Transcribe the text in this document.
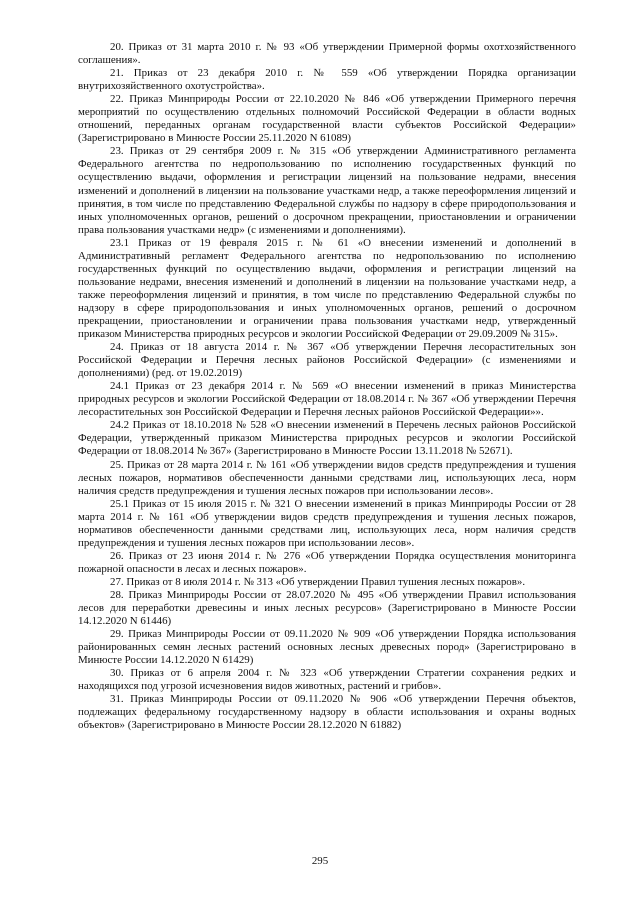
20. Приказ от 31 марта 2010 г. № 93 «Об утверждении Примерной формы охотхозяйственного соглашения».

21. Приказ от 23 декабря 2010 г. № 559 «Об утверждении Порядка организации внутрихозяйственного охотустройства».

22. Приказ Минприроды России от 22.10.2020 № 846 «Об утверждении Примерного перечня мероприятий по осуществлению отдельных полномочий Российской Федерации в области водных отношений, переданных органам государственной власти субъектов Российской Федерации» (Зарегистрировано в Минюсте России 25.11.2020 N 61089)

23. Приказ от 29 сентября 2009 г. № 315 «Об утверждении Административного регламента Федерального агентства по недропользованию по исполнению государственных функций по осуществлению выдачи, оформления и регистрации лицензий на пользование недрами, внесения изменений и дополнений в лицензии на пользование участками недр, а также переоформления лицензий и принятия, в том числе по представлению Федеральной службы по надзору в сфере природопользования и иных уполномоченных органов, решений о досрочном прекращении, приостановлении и ограничении права пользования участками недр» (с изменениями и дополнениями).

23.1 Приказ от 19 февраля 2015 г. № 61 «О внесении изменений и дополнений в Административный регламент Федерального агентства по недропользованию по исполнению государственных функций по осуществлению выдачи, оформления и регистрации лицензий на пользование недрами, внесения изменений и дополнений в лицензии на пользование участками недр, а также переоформления лицензий и принятия, в том числе по представлению Федеральной службы по надзору в сфере природопользования и иных уполномоченных органов, решений о досрочном прекращении, приостановлении и ограничении права пользования участками недр, утвержденный приказом Министерства природных ресурсов и экологии Российской Федерации от 29.09.2009 № 315».

24. Приказ от 18 августа 2014 г. № 367 «Об утверждении Перечня лесорастительных зон Российской Федерации и Перечня лесных районов Российской Федерации» (с изменениями и дополнениями) (ред. от 19.02.2019)

24.1 Приказ от 23 декабря 2014 г. № 569 «О внесении изменений в приказ Министерства природных ресурсов и экологии Российской Федерации от 18.08.2014 г. № 367 «Об утверждении Перечня лесорастительных зон Российской Федерации и Перечня лесных районов Российской Федерации»».

24.2 Приказ от 18.10.2018 № 528 «О внесении изменений в Перечень лесных районов Российской Федерации, утвержденный приказом Министерства природных ресурсов и экологии Российской Федерации от 18.08.2014 № 367» (Зарегистрировано в Минюсте России 13.11.2018 № 52671).

25. Приказ от 28 марта 2014 г. № 161 «Об утверждении видов средств предупреждения и тушения лесных пожаров, нормативов обеспеченности данными средствами лиц, использующих леса, норм наличия средств предупреждения и тушения лесных пожаров при использовании лесов».

25.1 Приказ от 15 июля 2015 г. № 321 О внесении изменений в приказ Минприроды России от 28 марта 2014 г. № 161 «Об утверждении видов средств предупреждения и тушения лесных пожаров, нормативов обеспеченности данными средствами лиц, использующих леса, норм наличия средств предупреждения и тушения лесных пожаров при использовании лесов».

26. Приказ от 23 июня 2014 г. № 276 «Об утверждении Порядка осуществления мониторинга пожарной опасности в лесах и лесных пожаров».

27. Приказ от 8 июля 2014 г. № 313 «Об утверждении Правил тушения лесных пожаров».

28. Приказ Минприроды России от 28.07.2020 № 495 «Об утверждении Правил использования лесов для переработки древесины и иных лесных ресурсов» (Зарегистрировано в Минюсте России 14.12.2020 N 61446)

29. Приказ Минприроды России от 09.11.2020 № 909 «Об утверждении Порядка использования районированных семян лесных растений основных лесных древесных пород» (Зарегистрировано в Минюсте России 14.12.2020 N 61429)

30. Приказ от 6 апреля 2004 г. № 323 «Об утверждении Стратегии сохранения редких и находящихся под угрозой исчезновения видов животных, растений и грибов».

31. Приказ Минприроды России от 09.11.2020 № 906 «Об утверждении Перечня объектов, подлежащих федеральному государственному надзору в области использования и охраны водных объектов» (Зарегистрировано в Минюсте России 28.12.2020 N 61882)

295
